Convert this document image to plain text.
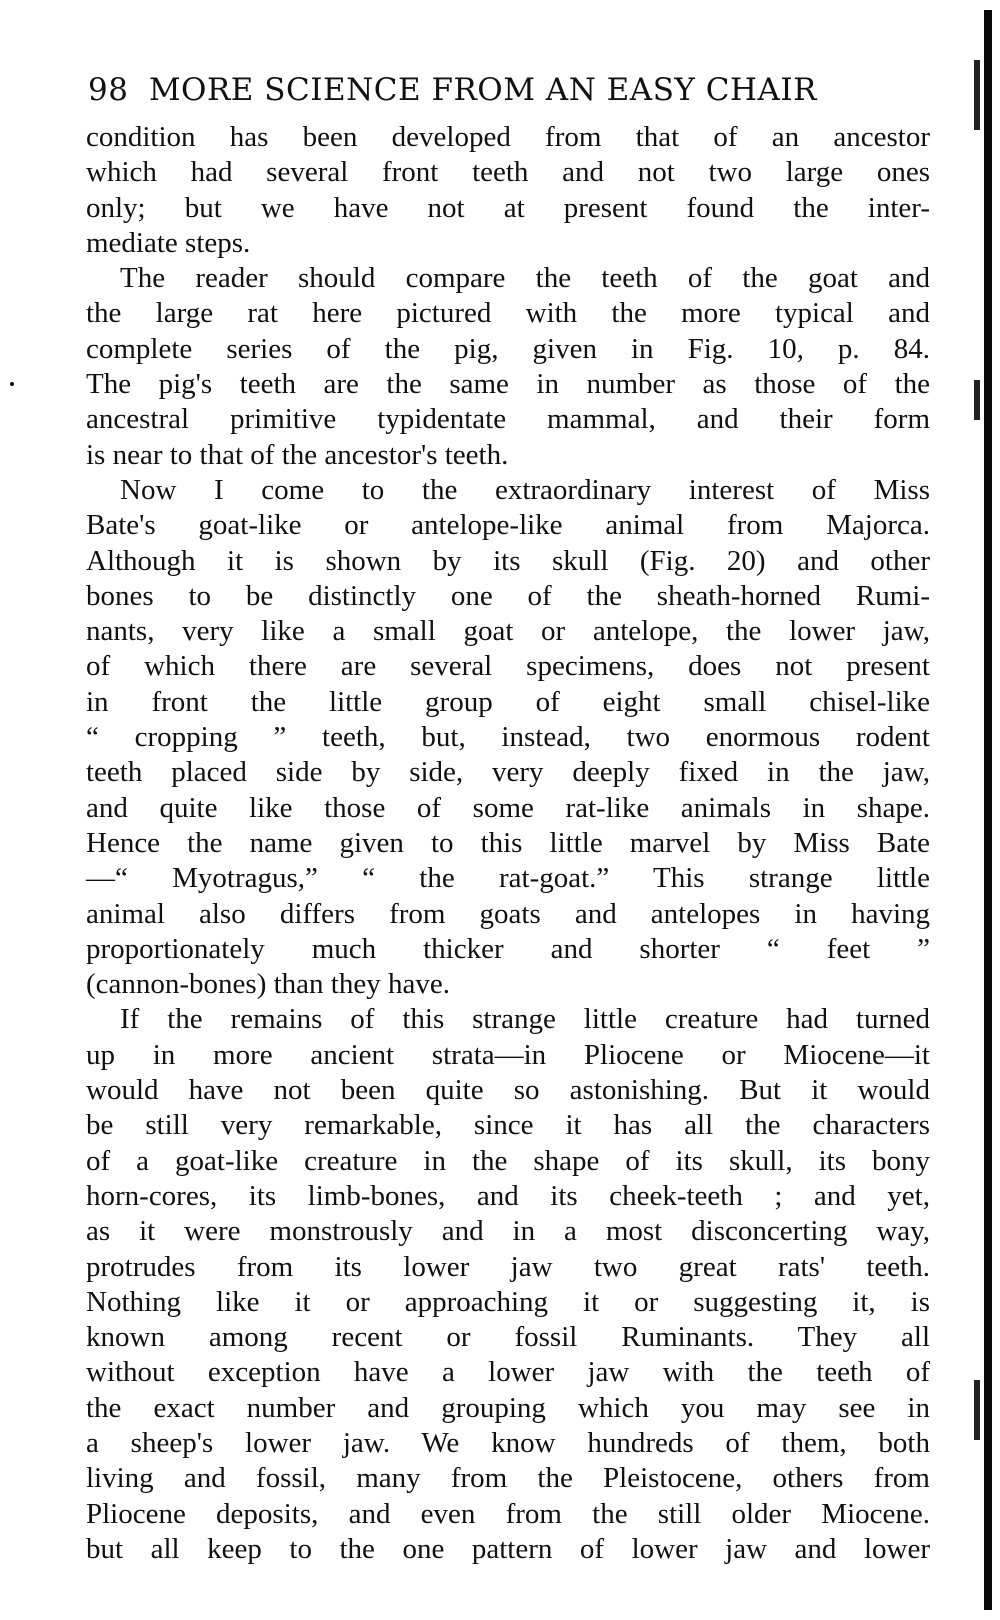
98 MORE SCIENCE FROM AN EASY CHAIR
condition has been developed from that of an ancestor
which had several front teeth and not two large ones
only; but we have not at present found the inter-
mediate steps.
The reader should compare the teeth of the goat and
the large rat here pictured with the more typical and
complete series of the pig, given in Fig. 10, p. 84.
The pig's teeth are the same in number as those of the
ancestral primitive typidentate mammal, and their form
is near to that of the ancestor's teeth.
Now I come to the extraordinary interest of Miss
Bate's goat-like or antelope-like animal from Majorca.
Although it is shown by its skull (Fig. 20) and other
bones to be distinctly one of the sheath-horned Rumi-
nants, very like a small goat or antelope, the lower jaw,
of which there are several specimens, does not present
in front the little group of eight small chisel-like
“ cropping ” teeth, but, instead, two enormous rodent
teeth placed side by side, very deeply fixed in the jaw,
and quite like those of some rat-like animals in shape.
Hence the name given to this little marvel by Miss Bate
—“ Myotragus,” “ the rat-goat.” This strange little
animal also differs from goats and antelopes in having
proportionately much thicker and shorter “ feet ”
(cannon-bones) than they have.
If the remains of this strange little creature had turned
up in more ancient strata—in Pliocene or Miocene—it
would have not been quite so astonishing. But it would
be still very remarkable, since it has all the characters
of a goat-like creature in the shape of its skull, its bony
horn-cores, its limb-bones, and its cheek-teeth ; and yet,
as it were monstrously and in a most disconcerting way,
protrudes from its lower jaw two great rats' teeth.
Nothing like it or approaching it or suggesting it, is
known among recent or fossil Ruminants. They all
without exception have a lower jaw with the teeth of
the exact number and grouping which you may see in
a sheep's lower jaw. We know hundreds of them, both
living and fossil, many from the Pleistocene, others from
Pliocene deposits, and even from the still older Miocene.
but all keep to the one pattern of lower jaw and lower
